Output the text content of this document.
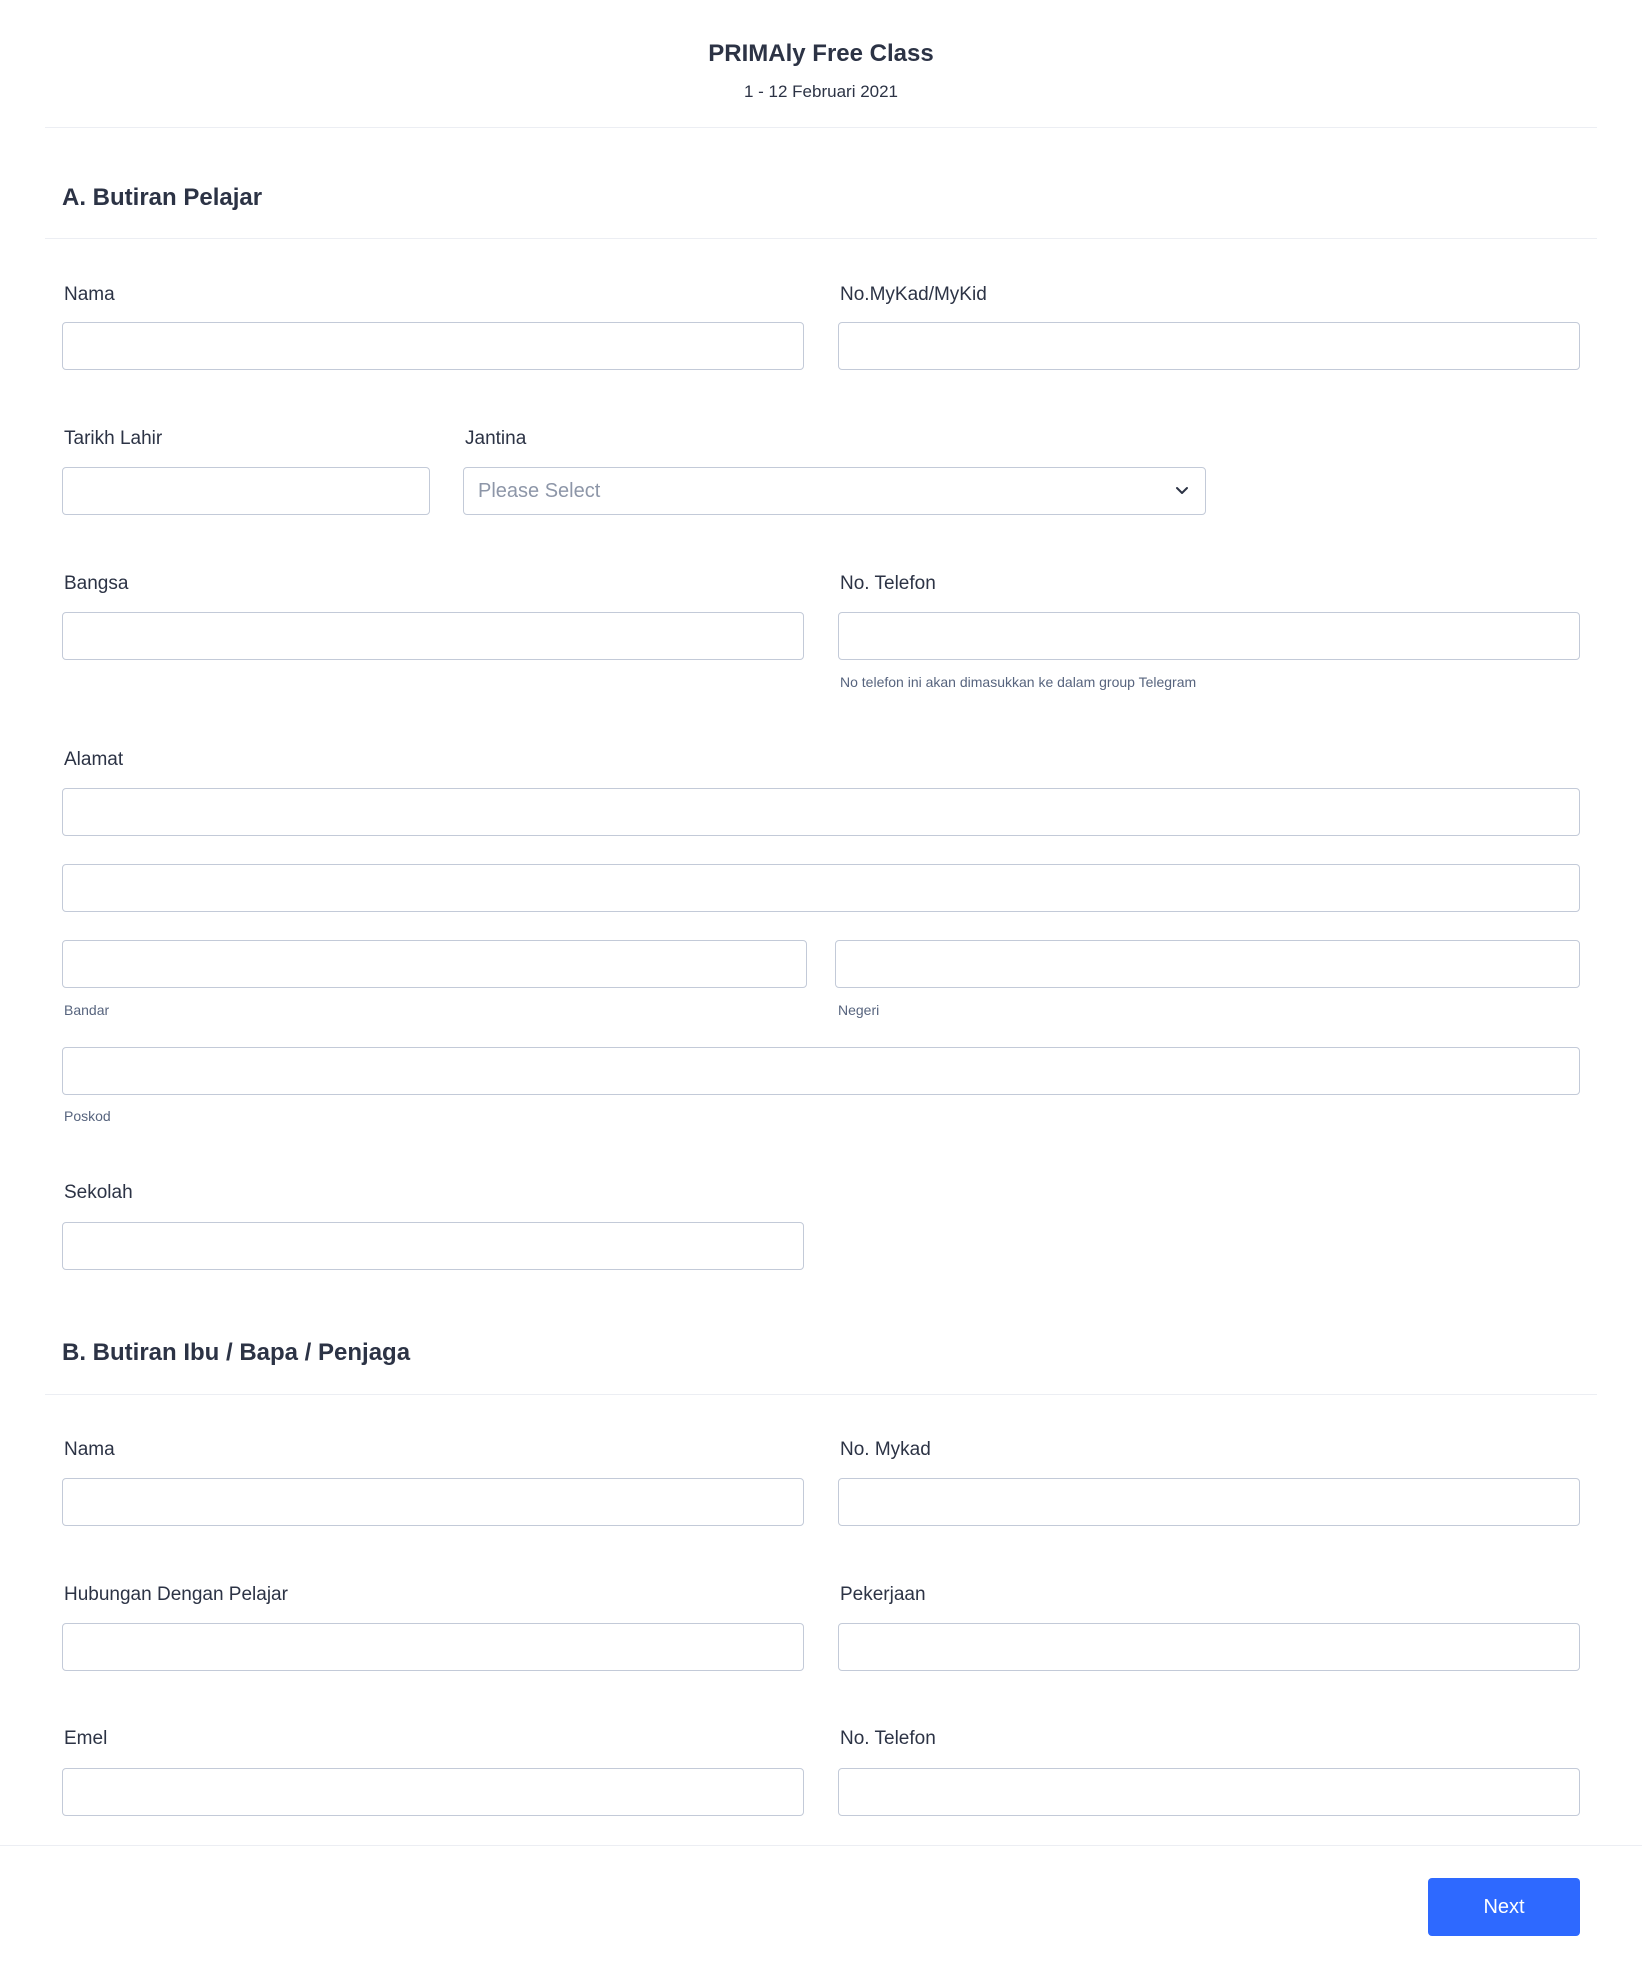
PRIMAly Free Class
1 - 12 Februari 2021
A. Butiran Pelajar
Nama	No.MyKad/MyKid
Tarikh Lahir	Jantina
Please Select
Bangsa	No. Telefon
No telefon ini akan dimasukkan ke dalam group Telegram
Alamat
Bandar	Negeri
Poskod
Sekolah
B. Butiran Ibu / Bapa / Penjaga
Nama	No. Mykad
Hubungan Dengan Pelajar	Pekerjaan
Emel	No. Telefon
Next
